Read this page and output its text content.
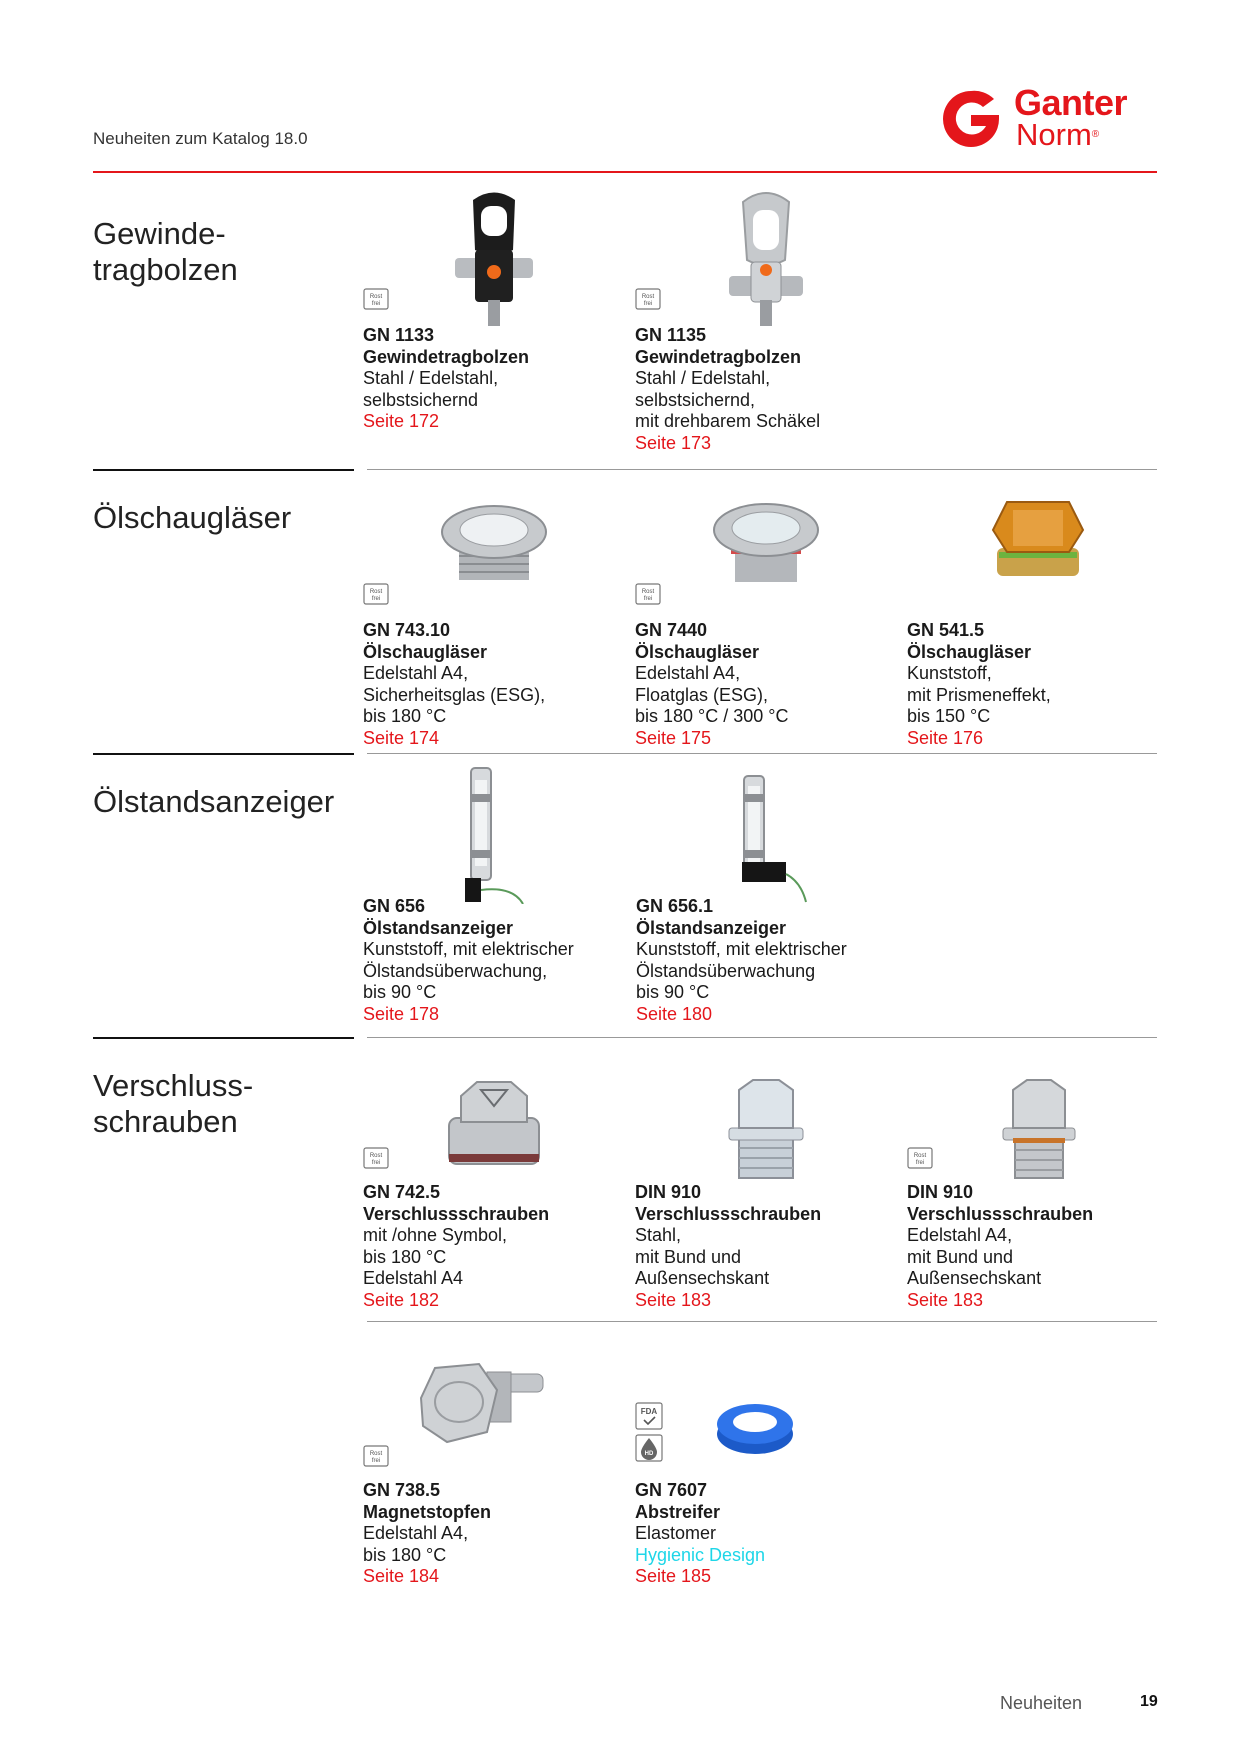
Neuheiten zum Katalog 18.0
Ganter
Norm®
Gewinde-
tragbolzen
Ölschaugläser
Ölstandsanzeiger
Verschluss-
schrauben
Rost
frei
GN 1133
Gewindetragbolzen
Stahl / Edelstahl,
selbstsichernd
Seite 172
Rost
frei
GN 1135
Gewindetragbolzen
Stahl / Edelstahl,
selbstsichernd,
mit drehbarem Schäkel
Seite 173
Rost
frei
GN 743.10
Ölschaugläser
Edelstahl A4,
Sicherheitsglas (ESG),
bis 180 °C
Seite 174
Rost
frei
GN 7440
Ölschaugläser
Edelstahl A4,
Floatglas (ESG),
bis 180 °C / 300 °C
Seite 175
GN 541.5
Ölschaugläser
Kunststoff,
mit Prismeneffekt,
bis 150 °C
Seite 176
GN 656
Ölstandsanzeiger
Kunststoff, mit elektrischer
Ölstandsüberwachung,
bis 90 °C
Seite 178
GN 656.1
Ölstandsanzeiger
Kunststoff, mit elektrischer
Ölstandsüberwachung
bis 90 °C
Seite 180
Rost
frei
GN 742.5
Verschlussschrauben
mit /ohne Symbol,
bis 180 °C
Edelstahl A4
Seite 182
DIN 910
Verschlussschrauben
Stahl,
mit Bund und
Außensechskant
Seite 183
Rost
frei
DIN 910
Verschlussschrauben
Edelstahl A4,
mit Bund und
Außensechskant
Seite 183
Rost
frei
GN 738.5
Magnetstopfen
Edelstahl A4,
bis 180 °C
Seite 184
FDA
HD
GN 7607
Abstreifer
Elastomer
Hygienic Design
Seite 185
Neuheiten	19
